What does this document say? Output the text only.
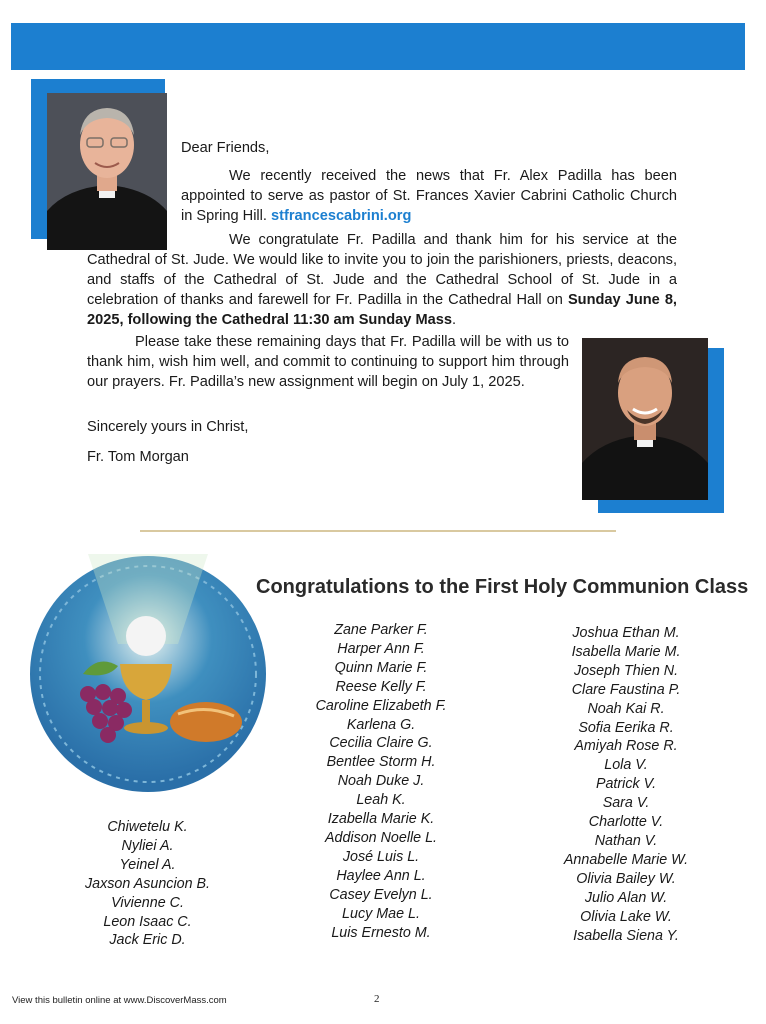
Dear Friends,
We recently received the news that Fr. Alex Padilla has been appointed to serve as pastor of St. Frances Xavier Cabrini Catholic Church in Spring Hill. stfrancescabrini.org
We congratulate Fr. Padilla and thank him for his service at the Cathedral of St. Jude. We would like to invite you to join the parishioners, priests, deacons, and staffs of the Cathedral of St. Jude and the Cathedral School of St. Jude in a celebration of thanks and farewell for Fr. Padilla in the Cathedral Hall on Sunday June 8, 2025, following the Cathedral 11:30 am Sunday Mass.
Please take these remaining days that Fr. Padilla will be with us to thank him, wish him well, and commit to continuing to support him through our prayers. Fr. Padilla’s new assignment will begin on July 1, 2025.
Sincerely yours in Christ,
Fr. Tom Morgan
Congratulations to the First Holy Communion Class
Chiwetelu K.
Nyliei A.
Yeinel A.
Jaxson Asuncion B.
Vivienne C.
Leon Isaac C.
Jack Eric D.
Zane Parker F.
Harper Ann F.
Quinn Marie F.
Reese Kelly F.
Caroline Elizabeth F.
Karlena G.
Cecilia Claire G.
Bentlee Storm H.
Noah Duke J.
Leah K.
Izabella Marie K.
Addison Noelle L.
José Luis L.
Haylee Ann L.
Casey Evelyn L.
Lucy Mae L.
Luis Ernesto M.
Joshua Ethan M.
Isabella Marie M.
Joseph Thien N.
Clare Faustina P.
Noah Kai R.
Sofia Eerika R.
Amiyah Rose R.
Lola V.
Patrick V.
Sara V.
Charlotte V.
Nathan V.
Annabelle Marie W.
Olivia Bailey W.
Julio Alan W.
Olivia Lake W.
Isabella Siena Y.
View this bulletin online at www.DiscoverMass.com	2
